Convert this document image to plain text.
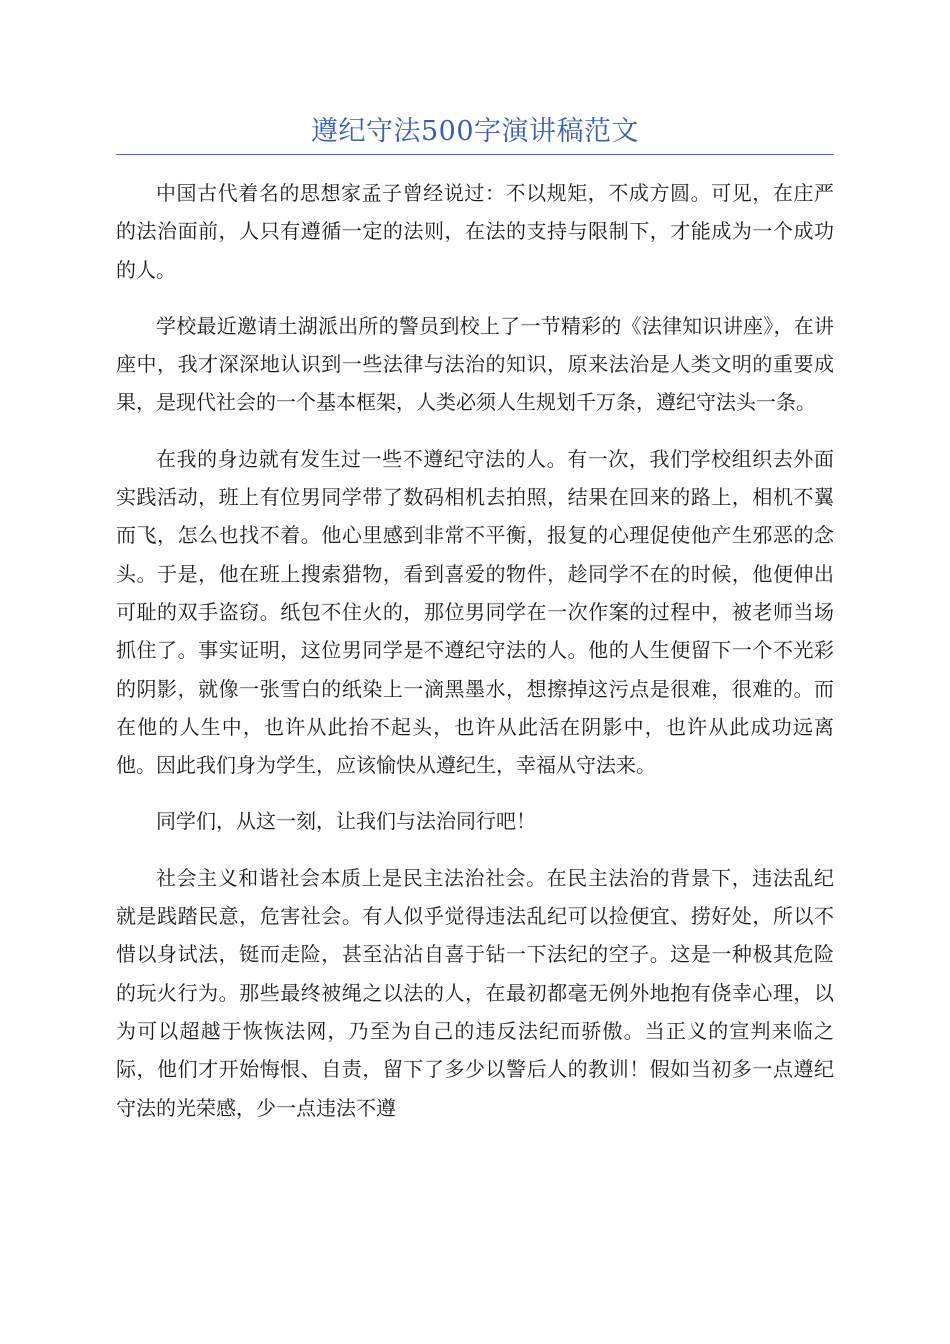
遵纪守法500字演讲稿范文

中国古代着名的思想家孟子曾经说过：不以规矩，不成方圆。可见，在庄严的法治面前，人只有遵循一定的法则，在法的支持与限制下，才能成为一个成功的人。

学校最近邀请土湖派出所的警员到校上了一节精彩的《法律知识讲座》，在讲座中，我才深深地认识到一些法律与法治的知识，原来法治是人类文明的重要成果，是现代社会的一个基本框架，人类必须人生规划千万条，遵纪守法头一条。

在我的身边就有发生过一些不遵纪守法的人。有一次，我们学校组织去外面实践活动，班上有位男同学带了数码相机去拍照，结果在回来的路上，相机不翼而飞，怎么也找不着。他心里感到非常不平衡，报复的心理促使他产生邪恶的念头。于是，他在班上搜索猎物，看到喜爱的物件，趁同学不在的时候，他便伸出可耻的双手盗窃。纸包不住火的，那位男同学在一次作案的过程中，被老师当场抓住了。事实证明，这位男同学是不遵纪守法的人。他的人生便留下一个不光彩的阴影，就像一张雪白的纸染上一滴黑墨水，想擦掉这污点是很难，很难的。而在他的人生中，也许从此抬不起头，也许从此活在阴影中，也许从此成功远离他。因此我们身为学生，应该愉快从遵纪生，幸福从守法来。

同学们，从这一刻，让我们与法治同行吧！

社会主义和谐社会本质上是民主法治社会。在民主法治的背景下，违法乱纪就是践踏民意，危害社会。有人似乎觉得违法乱纪可以捡便宜、捞好处，所以不惜以身试法，铤而走险，甚至沾沾自喜于钻一下法纪的空子。这是一种极其危险的玩火行为。那些最终被绳之以法的人，在最初都毫无例外地抱有侥幸心理，以为可以超越于恢恢法网，乃至为自己的违反法纪而骄傲。当正义的宣判来临之际，他们才开始悔恨、自责，留下了多少以警后人的教训！假如当初多一点遵纪守法的光荣感，少一点违法不遵
